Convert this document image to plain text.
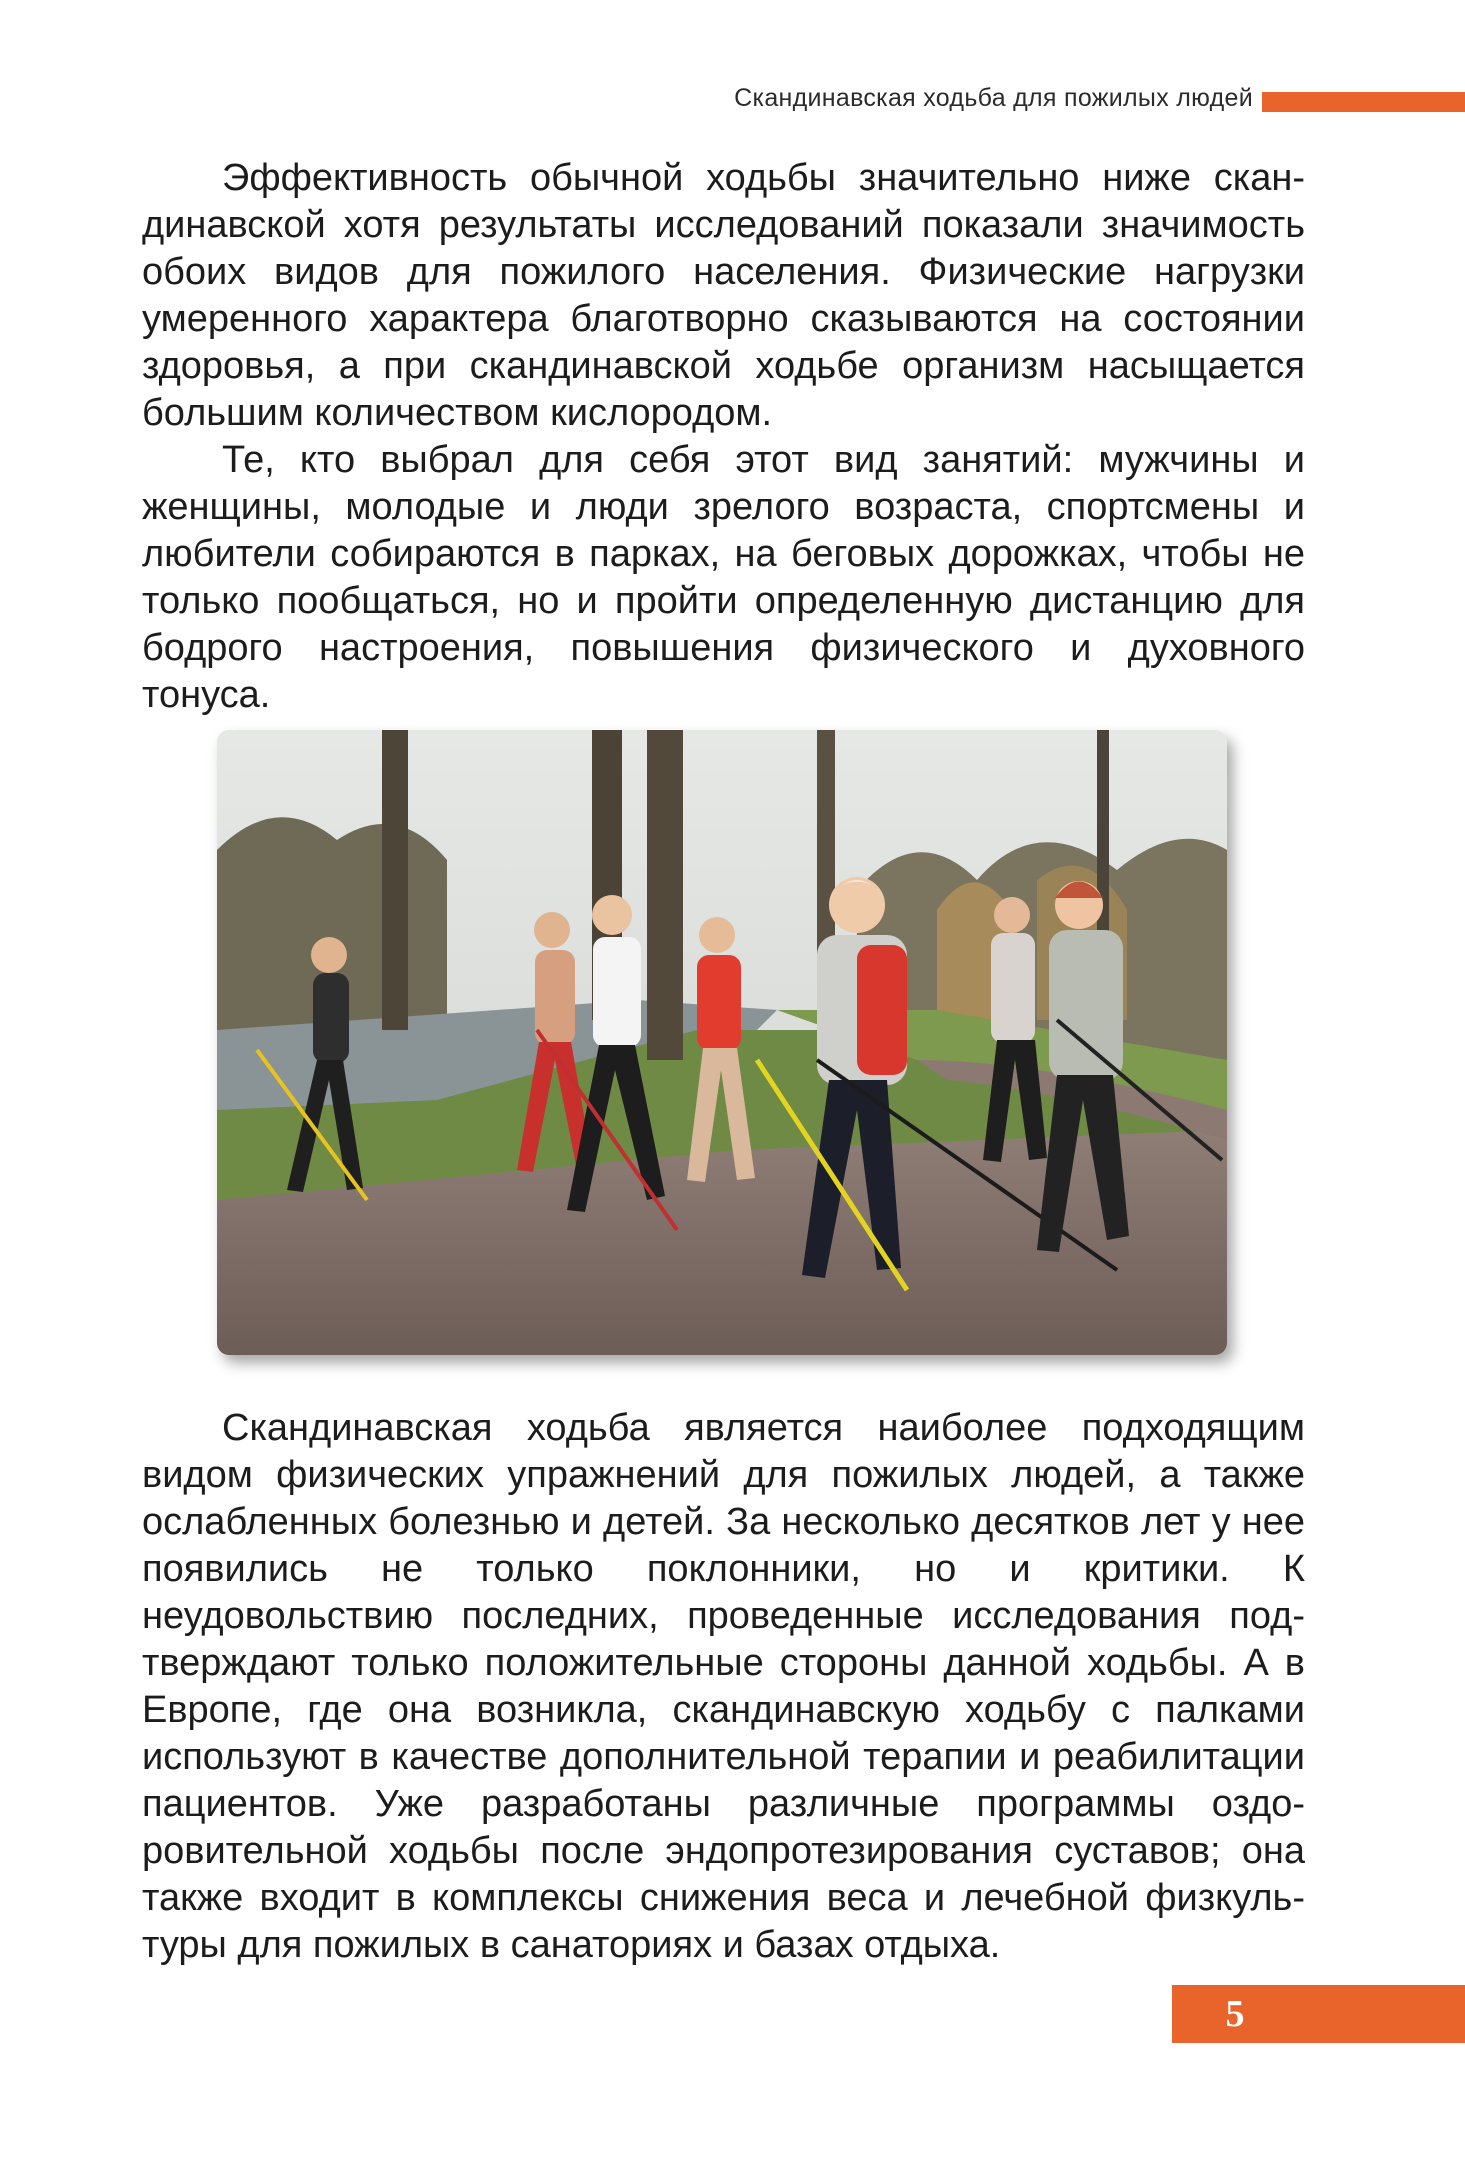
Скандинавская ходьба для пожилых людей

Эффективность обычной ходьбы значительно ниже скандинавской хотя результаты исследований показали значимость обоих видов для пожилого населения. Физические нагрузки умеренного характера благотворно сказываются на состоянии здоровья, а при скандинавской ходьбе организм насыщается большим количеством кислородом.

Те, кто выбрал для себя этот вид занятий: мужчины и женщины, молодые и люди зрелого возраста, спортсмены и любители собираются в парках, на беговых дорожках, чтобы не только пообщаться, но и пройти определенную дистанцию для бодрого настроения, повышения физического и духовного тонуса.

Скандинавская ходьба является наиболее подходящим видом физических упражнений для пожилых людей, а также ослабленных болезнью и детей. За несколько десятков лет у нее появились не только поклонники, но и критики. К неудовольствию последних, проведенные исследования подтверждают только положительные стороны данной ходьбы. А в Европе, где она возникла, скандинавскую ходьбу с палками используют в качестве дополнительной терапии и реабилитации пациентов. Уже разработаны различные программы оздоровительной ходьбы после эндопротезирования суставов; она также входит в комплексы снижения веса и лечебной физкультуры для пожилых в санаториях и базах отдыха.

5
